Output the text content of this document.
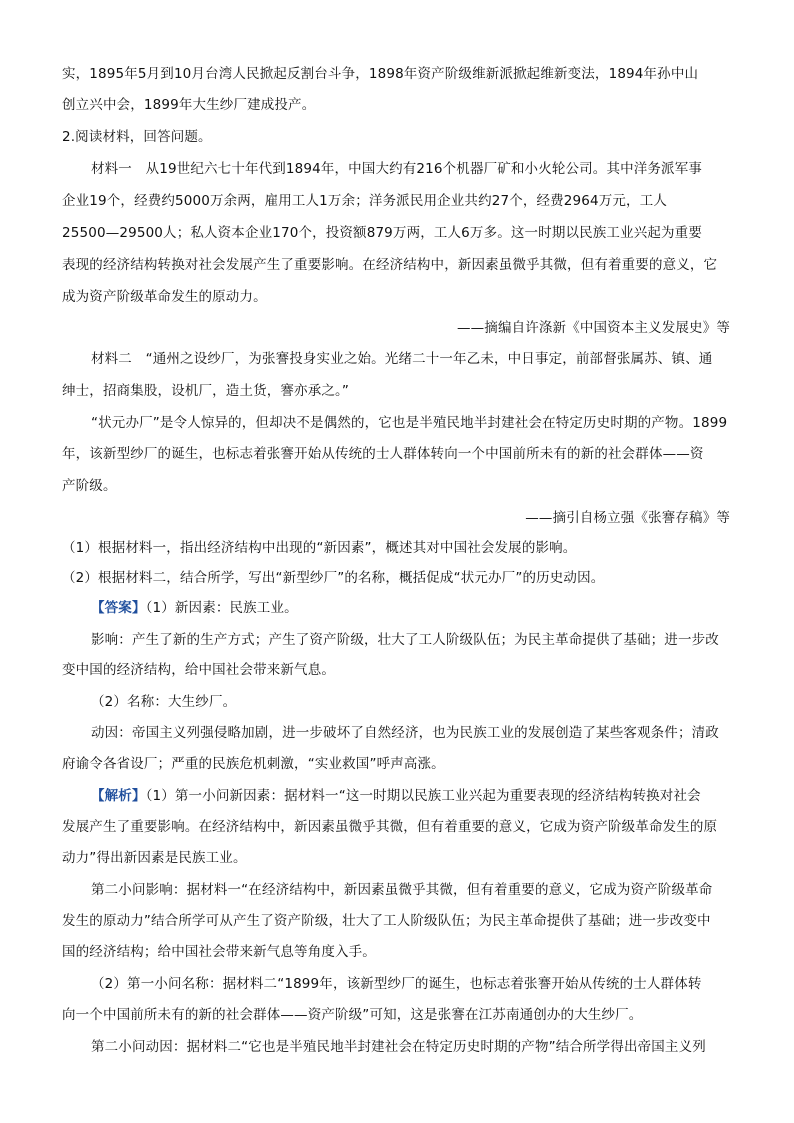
实，1895年5月到10月台湾人民掀起反割台斗争，1898年资产阶级维新派掀起维新变法，1894年孙中山
创立兴中会，1899年大生纱厂建成投产。
2.阅读材料，回答问题。
材料一　从19世纪六七十年代到1894年，中国大约有216个机器厂矿和小火轮公司。其中洋务派军事
企业19个，经费约5000万余两，雇用工人1万余；洋务派民用企业共约27个，经费2964万元，工人
25500—29500人；私人资本企业170个，投资额879万两，工人6万多。这一时期以民族工业兴起为重要
表现的经济结构转换对社会发展产生了重要影响。在经济结构中，新因素虽微乎其微，但有着重要的意义，它
成为资产阶级革命发生的原动力。
——摘编自许涤新《中国资本主义发展史》等
材料二　“通州之设纱厂，为张謇投身实业之始。光绪二十一年乙未，中日事定，前部督张属苏、镇、通
绅士，招商集股，设机厂，造土货，謇亦承之。”
“状元办厂”是令人惊异的，但却决不是偶然的，它也是半殖民地半封建社会在特定历史时期的产物。1899
年，该新型纱厂的诞生，也标志着张謇开始从传统的士人群体转向一个中国前所未有的新的社会群体——资
产阶级。
——摘引自杨立强《张謇存稿》等
（1）根据材料一，指出经济结构中出现的“新因素”，概述其对中国社会发展的影响。
（2）根据材料二，结合所学，写出“新型纱厂”的名称，概括促成“状元办厂”的历史动因。
【答案】（1）新因素：民族工业。
影响：产生了新的生产方式；产生了资产阶级，壮大了工人阶级队伍；为民主革命提供了基础；进一步改
变中国的经济结构，给中国社会带来新气息。
（2）名称：大生纱厂。
动因：帝国主义列强侵略加剧，进一步破坏了自然经济，也为民族工业的发展创造了某些客观条件；清政
府谕令各省设厂；严重的民族危机刺激，“实业救国”呼声高涨。
【解析】（1）第一小问新因素：据材料一“这一时期以民族工业兴起为重要表现的经济结构转换对社会
发展产生了重要影响。在经济结构中，新因素虽微乎其微，但有着重要的意义，它成为资产阶级革命发生的原
动力”得出新因素是民族工业。
第二小问影响：据材料一“在经济结构中，新因素虽微乎其微，但有着重要的意义，它成为资产阶级革命
发生的原动力”结合所学可从产生了资产阶级，壮大了工人阶级队伍；为民主革命提供了基础；进一步改变中
国的经济结构；给中国社会带来新气息等角度入手。
（2）第一小问名称：据材料二“1899年，该新型纱厂的诞生，也标志着张謇开始从传统的士人群体转
向一个中国前所未有的新的社会群体——资产阶级”可知，这是张謇在江苏南通创办的大生纱厂。
第二小问动因：据材料二“它也是半殖民地半封建社会在特定历史时期的产物”结合所学得出帝国主义列
